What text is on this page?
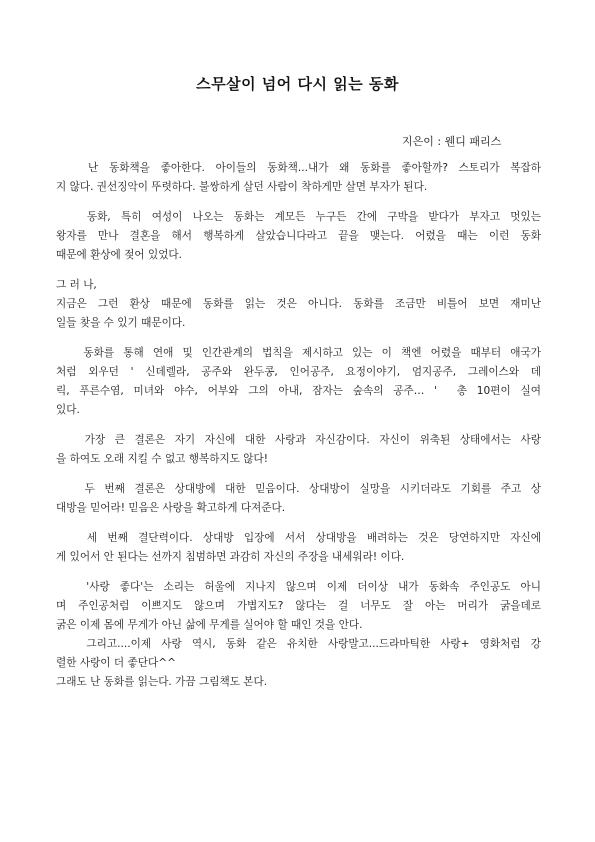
스무살이 넘어 다시 읽는 동화
지은이 : 웬디 패리스
난 동화책을 좋아한다. 아이들의 동화책...내가 왜 동화를 좋아할까? 스토리가 복잡하
지 않다. 권선징악이 뚜렷하다. 불쌍하게 살던 사람이 착하게만 살면 부자가 된다.
동화, 특히 여성이 나오는 동화는 계모든 누구든 간에 구박을 받다가 부자고 멋있는
왕자를 만나 결혼을 해서 행복하게 살았습니다라고 끝을 맺는다. 어렸을 때는 이런 동화
때문에 환상에 젖어 있었다.
그 러 나,
지금은 그런 환상 때문에 동화를 읽는 것은 아니다. 동화를 조금만 비틀어 보면 재미난
일들 찾을 수 있기 때문이다.
동화를 통해 연애 및 인간관계의 법칙을 제시하고 있는 이 책엔 어렸을 때부터 애국가
처럼 외우던 ' 신데렐라, 공주와 완두콩, 인어공주, 요정이야기, 엄지공주, 그레이스와 데
릭, 푸른수염, 미녀와 야수, 어부와 그의 아내, 잠자는 숲속의 공주… '  총 10편이 실여
있다.
가장 큰 결론은 자기 자신에 대한 사랑과 자신감이다. 자신이 위축된 상태에서는 사랑
을 하여도 오래 지킬 수 없고 행복하지도 않다!
두 번째 결론은 상대방에 대한 믿음이다. 상대방이 실망을 시키더라도 기회를 주고 상
대방을 믿어라! 믿음은 사랑을 확고하게 다져준다.
세 번째 결단력이다. 상대방 입장에 서서 상대방을 배려하는 것은 당연하지만 자신에
게 있어서 안 된다는 선까지 침범하면 과감히 자신의 주장을 내세워라! 이다.
'사랑 좋다'는 소리는 허울에 지나지 않으며 이제 더이상 내가 동화속 주인공도 아니
며 주인공처럼 이쁘지도 않으며 가볍지도? 않다는 걸 너무도 잘 아는 머리가 굵을데로
굵은 이제 몸에 무게가 아닌 삶에 무게를 실어야 할 때인 것을 안다.
그리고....이제 사랑 역시, 동화 같은 유치한 사랑말고...드라마틱한 사랑+ 영화처럼 강
렬한 사랑이 더 좋단다^^
그래도 난 동화를 읽는다. 가끔 그림책도 본다.
